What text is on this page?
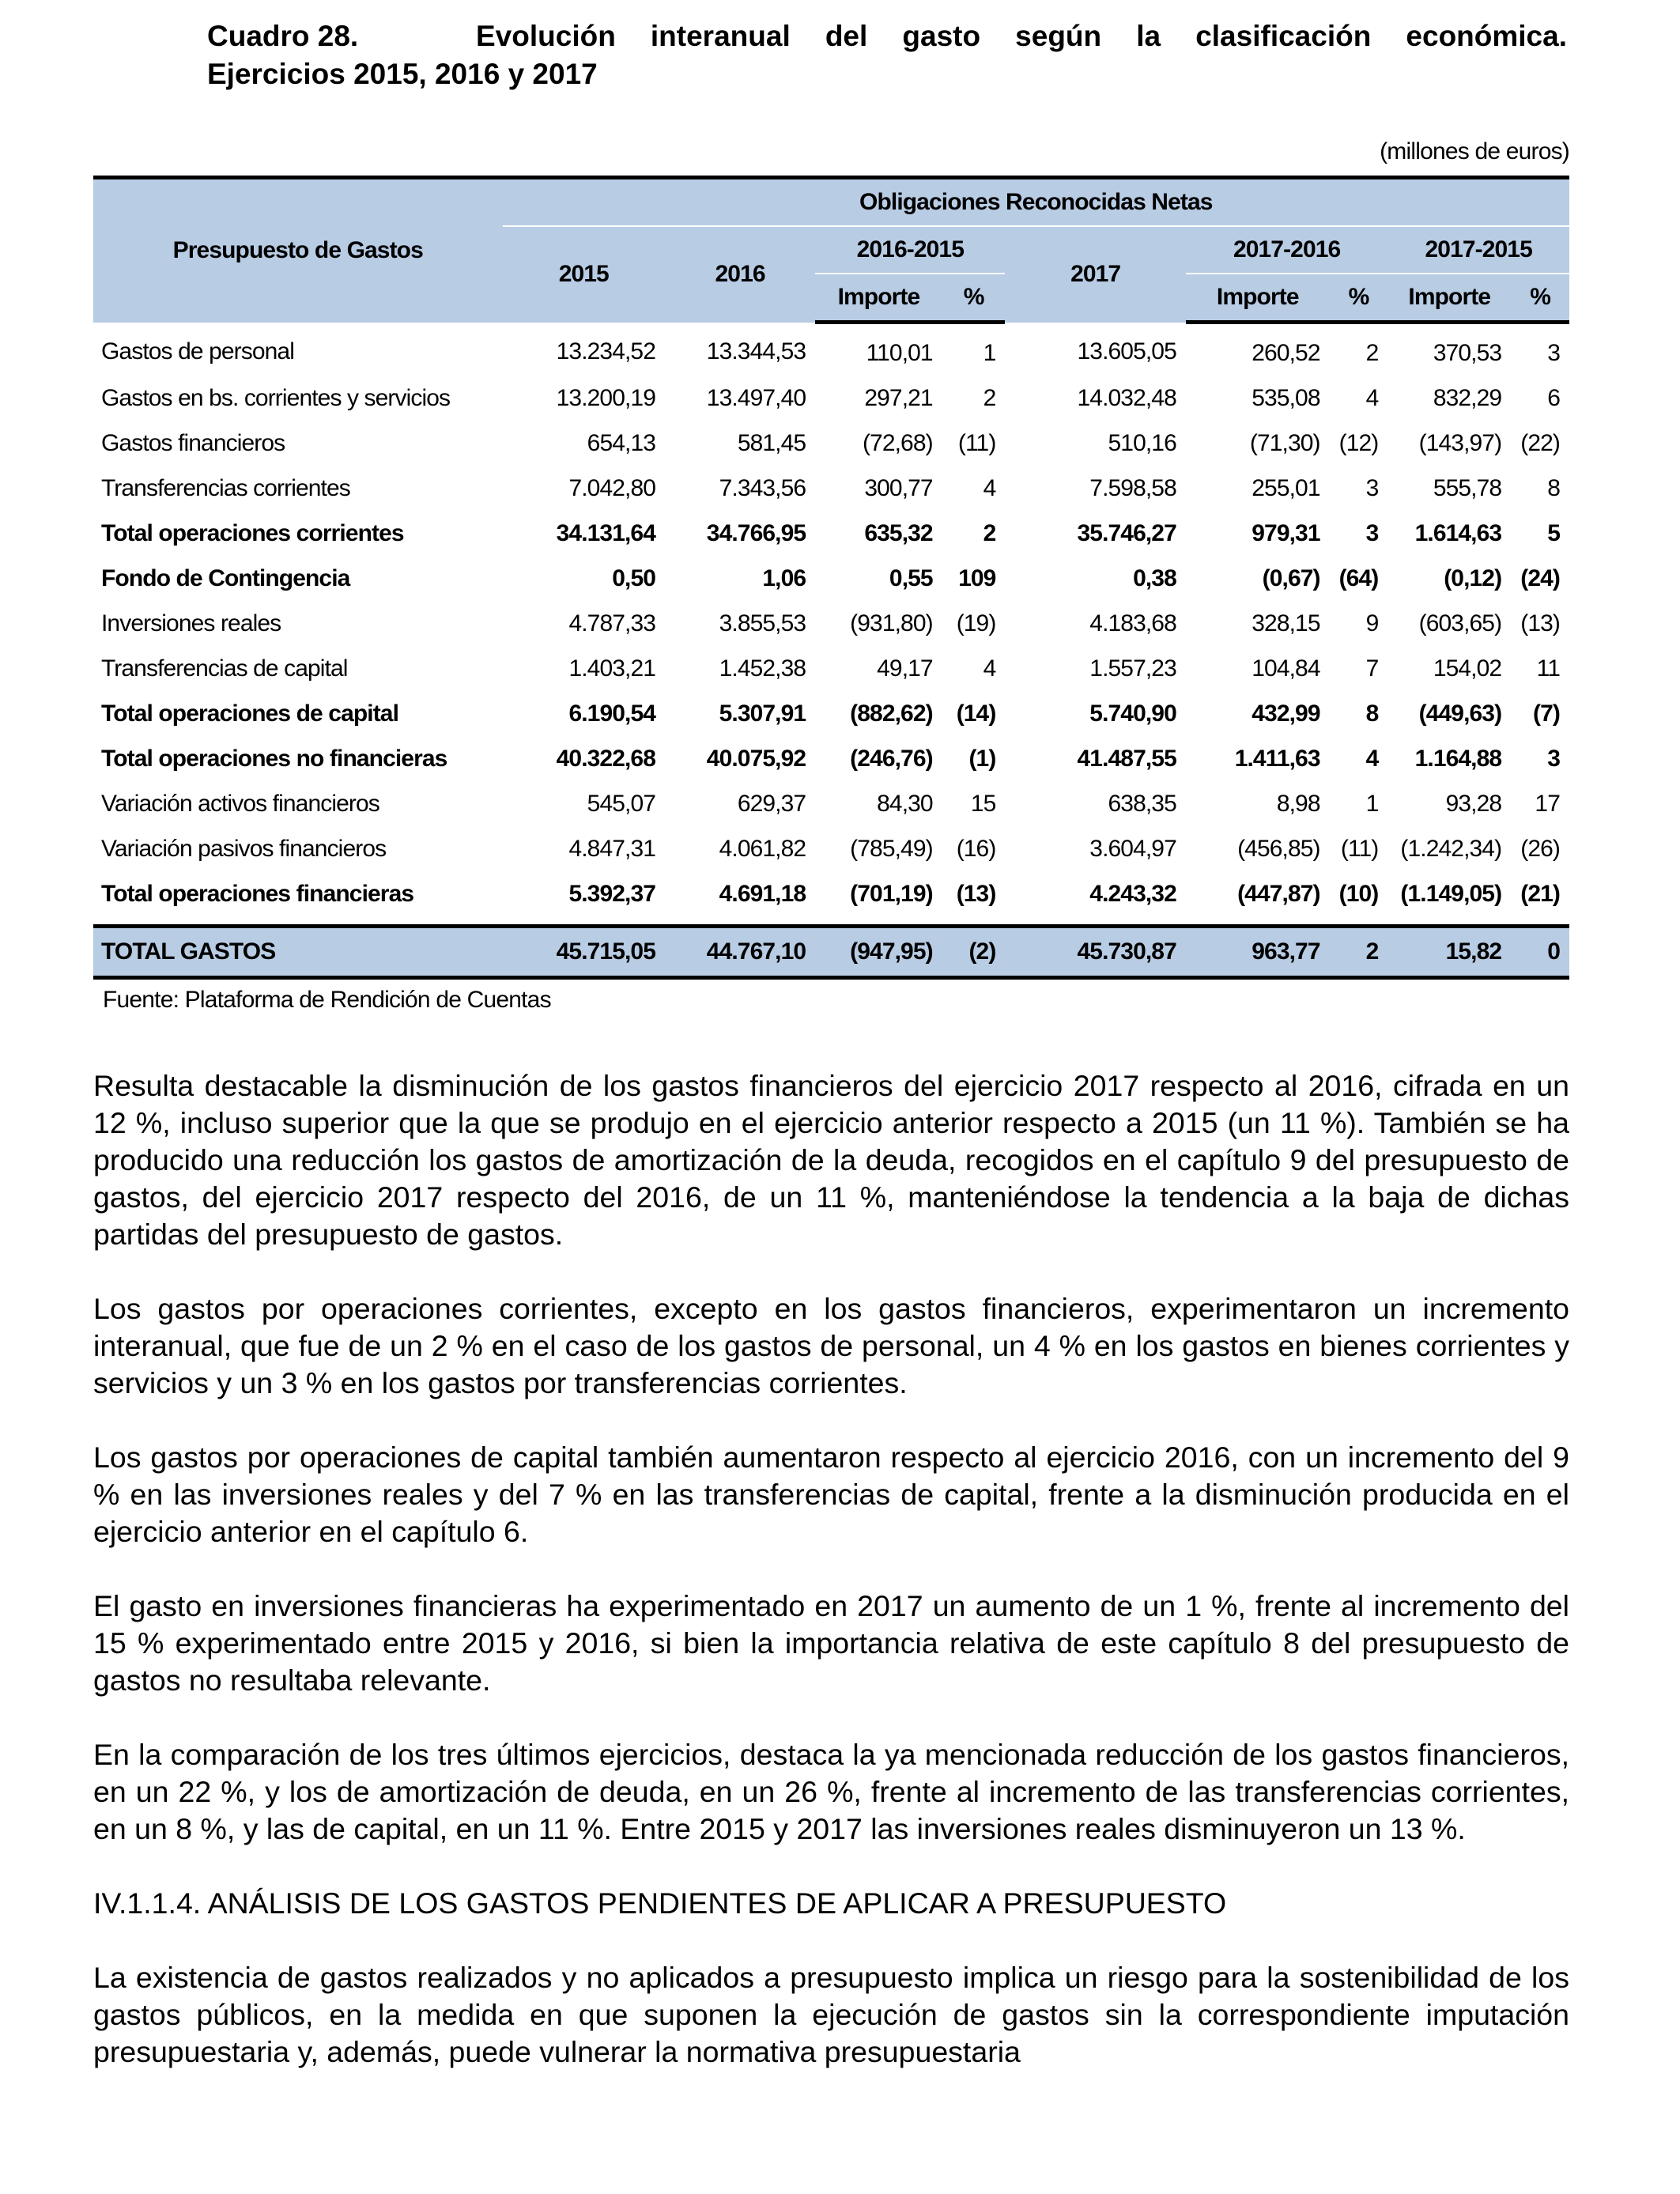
Cuadro 28.	Evolución interanual del gasto según la clasificación económica.
Ejercicios 2015, 2016 y 2017
(millones de euros)
Presupuesto de Gastos	Obligaciones Reconocidas Netas								
	2015	2016	2016-2015		2017	2017-2016		2017-2015	
			Importe	%		Importe	%	Importe	%
Gastos de personal	13.234,52	13.344,53	110,01	1	13.605,05	260,52	2	370,53	3
Gastos en bs. corrientes y servicios	13.200,19	13.497,40	297,21	2	14.032,48	535,08	4	832,29	6
Gastos financieros	654,13	581,45	(72,68)	(11)	510,16	(71,30)	(12)	(143,97)	(22)
Transferencias corrientes	7.042,80	7.343,56	300,77	4	7.598,58	255,01	3	555,78	8
Total operaciones corrientes	34.131,64	34.766,95	635,32	2	35.746,27	979,31	3	1.614,63	5
Fondo de Contingencia	0,50	1,06	0,55	109	0,38	(0,67)	(64)	(0,12)	(24)
Inversiones reales	4.787,33	3.855,53	(931,80)	(19)	4.183,68	328,15	9	(603,65)	(13)
Transferencias de capital	1.403,21	1.452,38	49,17	4	1.557,23	104,84	7	154,02	11
Total operaciones de capital	6.190,54	5.307,91	(882,62)	(14)	5.740,90	432,99	8	(449,63)	(7)
Total operaciones no financieras	40.322,68	40.075,92	(246,76)	(1)	41.487,55	1.411,63	4	1.164,88	3
Variación activos financieros	545,07	629,37	84,30	15	638,35	8,98	1	93,28	17
Variación pasivos financieros	4.847,31	4.061,82	(785,49)	(16)	3.604,97	(456,85)	(11)	(1.242,34)	(26)
Total operaciones financieras	5.392,37	4.691,18	(701,19)	(13)	4.243,32	(447,87)	(10)	(1.149,05)	(21)

TOTAL GASTOS	45.715,05	44.767,10	(947,95)	(2)	45.730,87	963,77	2	15,82	0
Fuente: Plataforma de Rendición de Cuentas

Resulta destacable la disminución de los gastos financieros del ejercicio 2017 respecto al 2016, cifrada en un 12 %, incluso superior que la que se produjo en el ejercicio anterior respecto a 2015 (un 11 %). También se ha producido una reducción los gastos de amortización de la deuda, recogidos en el capítulo 9 del presupuesto de gastos, del ejercicio 2017 respecto del 2016, de un 11 %, manteniéndose la tendencia a la baja de dichas partidas del presupuesto de gastos.

Los gastos por operaciones corrientes, excepto en los gastos financieros, experimentaron un incremento interanual, que fue de un 2 % en el caso de los gastos de personal, un 4 % en los gastos en bienes corrientes y servicios y un 3 % en los gastos por transferencias corrientes.

Los gastos por operaciones de capital también aumentaron respecto al ejercicio 2016, con un incremento del 9 % en las inversiones reales y del 7 % en las transferencias de capital, frente a la disminución producida en el ejercicio anterior en el capítulo 6.

El gasto en inversiones financieras ha experimentado en 2017 un aumento de un 1 %, frente al incremento del 15 % experimentado entre 2015 y 2016, si bien la importancia relativa de este capítulo 8 del presupuesto de gastos no resultaba relevante.

En la comparación de los tres últimos ejercicios, destaca la ya mencionada reducción de los gastos financieros, en un 22 %, y los de amortización de deuda, en un 26 %, frente al incremento de las transferencias corrientes, en un 8 %, y las de capital, en un 11 %. Entre 2015 y 2017 las inversiones reales disminuyeron un 13 %.

IV.1.1.4. ANÁLISIS DE LOS GASTOS PENDIENTES DE APLICAR A PRESUPUESTO

La existencia de gastos realizados y no aplicados a presupuesto implica un riesgo para la sostenibilidad de los gastos públicos, en la medida en que suponen la ejecución de gastos sin la correspondiente imputación presupuestaria y, además, puede vulnerar la normativa presupuestaria
